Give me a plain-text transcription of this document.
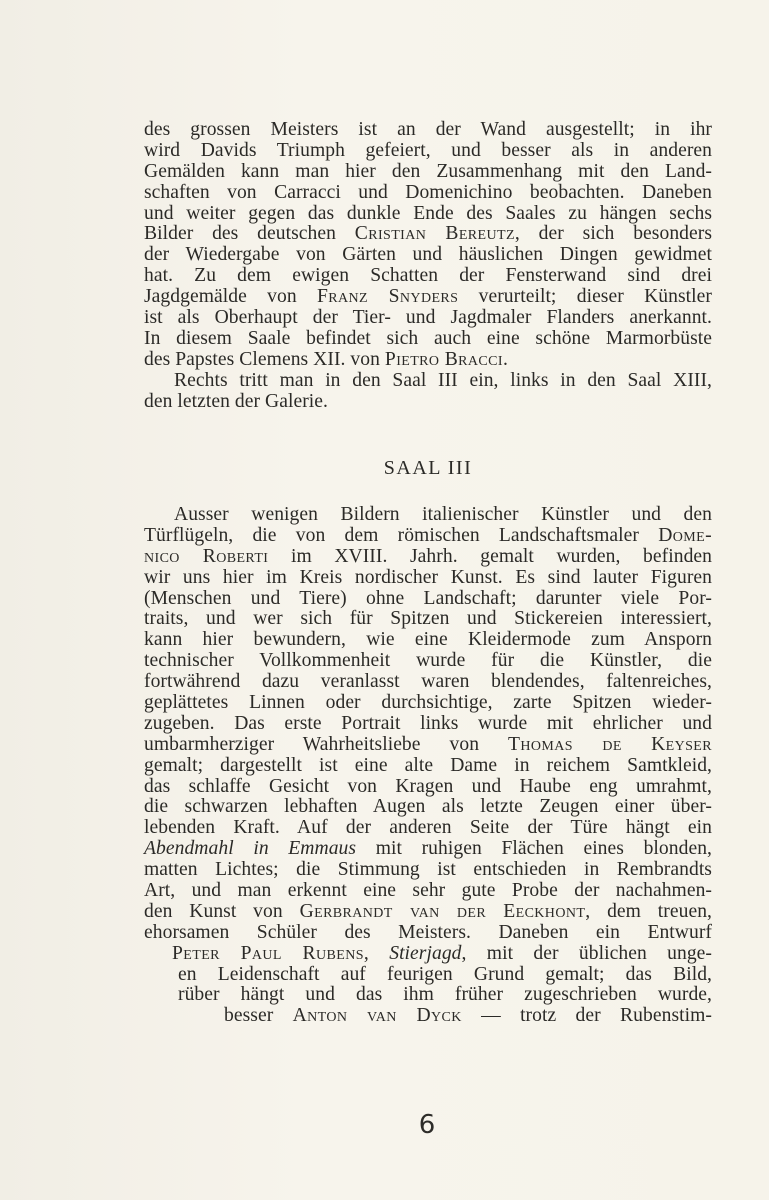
des grossen Meisters ist an der Wand ausgestellt; in ihr
wird Davids Triumph gefeiert, und besser als in anderen
Gemälden kann man hier den Zusammenhang mit den Land-
schaften von Carracci und Domenichino beobachten. Daneben
und weiter gegen das dunkle Ende des Saales zu hängen sechs
Bilder des deutschen Cristian Bereutz, der sich besonders
der Wiedergabe von Gärten und häuslichen Dingen gewidmet
hat. Zu dem ewigen Schatten der Fensterwand sind drei
Jagdgemälde von Franz Snyders verurteilt; dieser Künstler
ist als Oberhaupt der Tier- und Jagdmaler Flanders anerkannt.
In diesem Saale befindet sich auch eine schöne Marmorbüste
des Papstes Clemens XII. von Pietro Bracci.
Rechts tritt man in den Saal III ein, links in den Saal XIII,
den letzten der Galerie.
SAAL III
Ausser wenigen Bildern italienischer Künstler und den
Türflügeln, die von dem römischen Landschaftsmaler Dome-
nico Roberti im XVIII. Jahrh. gemalt wurden, befinden
wir uns hier im Kreis nordischer Kunst. Es sind lauter Figuren
(Menschen und Tiere) ohne Landschaft; darunter viele Por-
traits, und wer sich für Spitzen und Stickereien interessiert,
kann hier bewundern, wie eine Kleidermode zum Ansporn
technischer Vollkommenheit wurde für die Künstler, die
fortwährend dazu veranlasst waren blendendes, faltenreiches,
geplättetes Linnen oder durchsichtige, zarte Spitzen wieder-
zugeben. Das erste Portrait links wurde mit ehrlicher und
umbarmherziger Wahrheitsliebe von Thomas de Keyser
gemalt; dargestellt ist eine alte Dame in reichem Samtkleid,
das schlaffe Gesicht von Kragen und Haube eng umrahmt,
die schwarzen lebhaften Augen als letzte Zeugen einer über-
lebenden Kraft. Auf der anderen Seite der Türe hängt ein
Abendmahl in Emmaus mit ruhigen Flächen eines blonden,
matten Lichtes; die Stimmung ist entschieden in Rembrandts
Art, und man erkennt eine sehr gute Probe der nachahmen-
den Kunst von Gerbrandt van der Eeckhont, dem treuen,
ehorsamen Schüler des Meisters. Daneben ein Entwurf
Peter Paul Rubens, Stierjagd, mit der üblichen unge-
en Leidenschaft auf feurigen Grund gemalt; das Bild,
rüber hängt und das ihm früher zugeschrieben wurde,
besser Anton van Dyck — trotz der Rubenstim-
6
